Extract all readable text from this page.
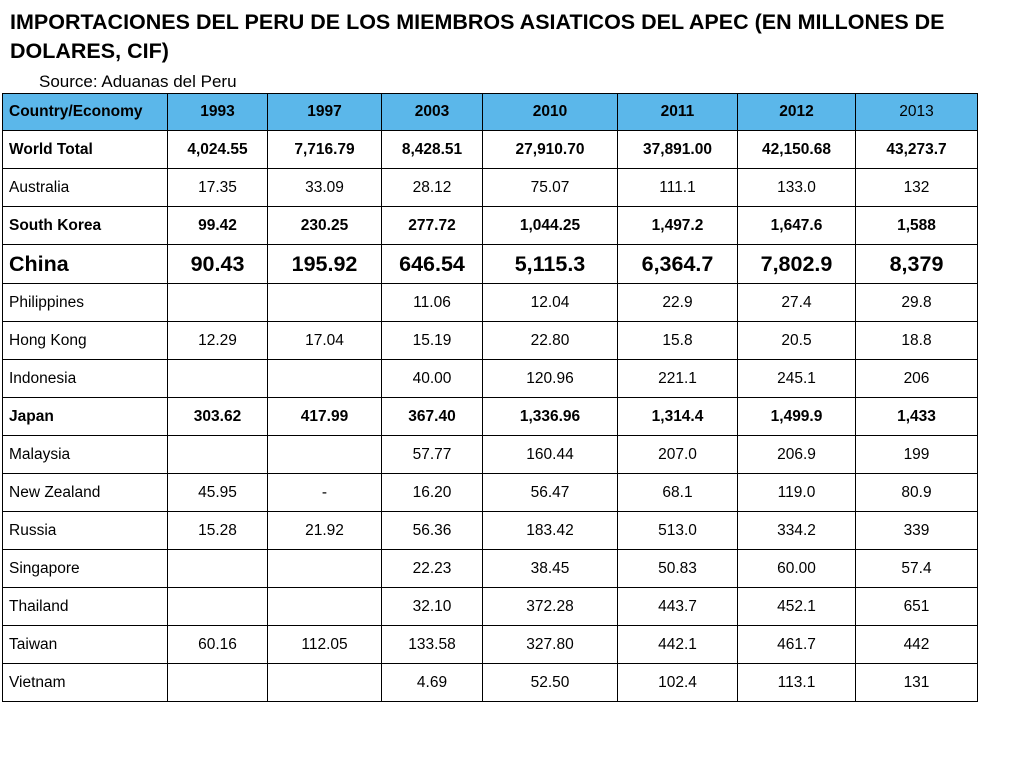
IMPORTACIONES DEL PERU DE LOS MIEMBROS ASIATICOS DEL APEC (EN MILLONES DE DOLARES, CIF)
Source: Aduanas del Peru
Country/Economy	1993	1997	2003	2010	2011	2012	2013
World Total	4,024.55	7,716.79	8,428.51	27,910.70	37,891.00	42,150.68	43,273.7
Australia	17.35	33.09	28.12	75.07	111.1	133.0	132
South Korea	99.42	230.25	277.72	1,044.25	1,497.2	1,647.6	1,588
China	90.43	195.92	646.54	5,115.3	6,364.7	7,802.9	8,379
Philippines			11.06	12.04	22.9	27.4	29.8
Hong Kong	12.29	17.04	15.19	22.80	15.8	20.5	18.8
Indonesia			40.00	120.96	221.1	245.1	206
Japan	303.62	417.99	367.40	1,336.96	1,314.4	1,499.9	1,433
Malaysia			57.77	160.44	207.0	206.9	199
New Zealand	45.95	-	16.20	56.47	68.1	119.0	80.9
Russia	15.28	21.92	56.36	183.42	513.0	334.2	339
Singapore			22.23	38.45	50.83	60.00	57.4
Thailand			32.10	372.28	443.7	452.1	651
Taiwan	60.16	112.05	133.58	327.80	442.1	461.7	442
Vietnam			4.69	52.50	102.4	113.1	131
